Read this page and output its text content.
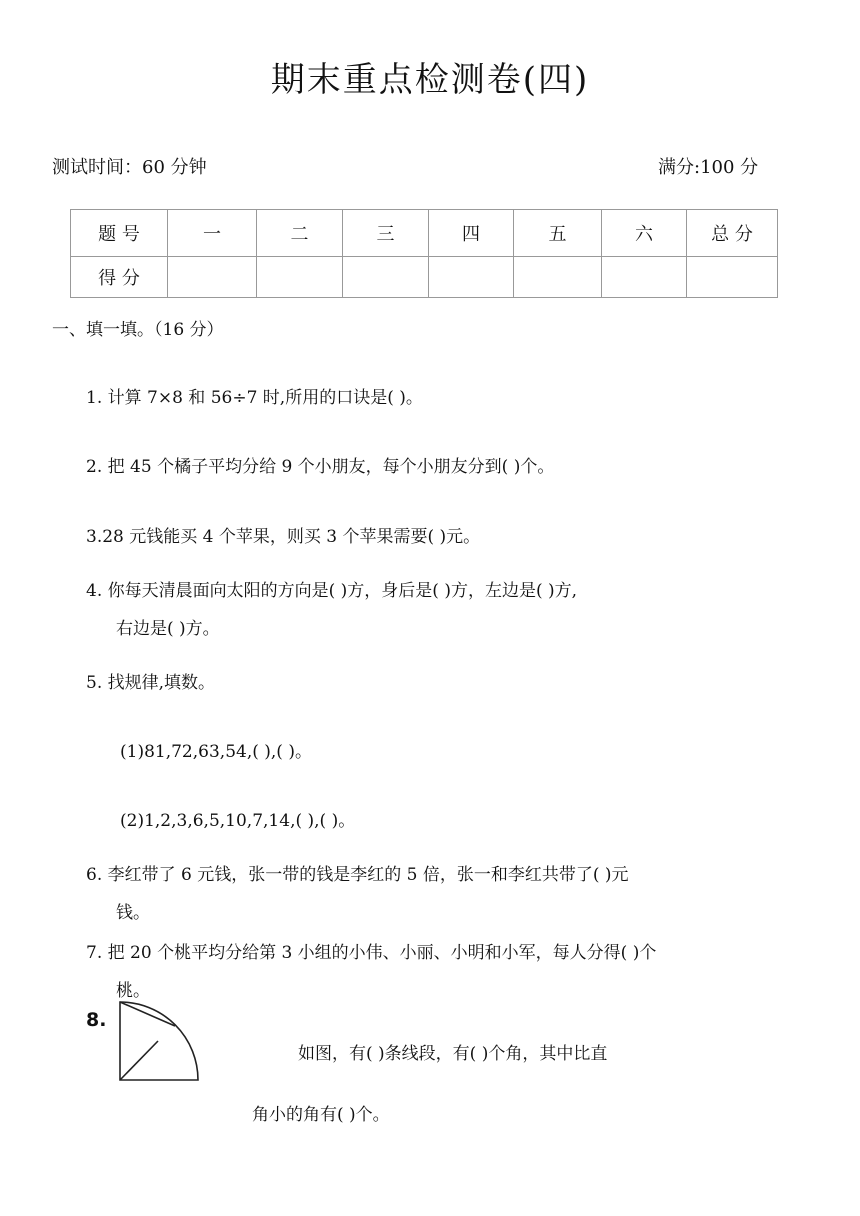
期末重点检测卷(四)
测试时间：60 分钟	满分:100 分
题 号	一	二	三	四	五	六	总 分
得 分							
一、填一填。（16 分）
1. 计算 7×8 和 56÷7 时,所用的口诀是( )。
2. 把 45 个橘子平均分给 9 个小朋友，每个小朋友分到( )个。
3.28 元钱能买 4 个苹果，则买 3 个苹果需要( )元。
4. 你每天清晨面向太阳的方向是( )方，身后是( )方，左边是( )方,
右边是( )方。
5. 找规律,填数。
(1)81,72,63,54,( ),( )。
(2)1,2,3,6,5,10,7,14,( ),( )。
6. 李红带了 6 元钱，张一带的钱是李红的 5 倍，张一和李红共带了( )元
钱。
7. 把 20 个桃平均分给第 3 小组的小伟、小丽、小明和小军，每人分得( )个
桃。
8.
如图，有( )条线段，有( )个角，其中比直
角小的角有( )个。
